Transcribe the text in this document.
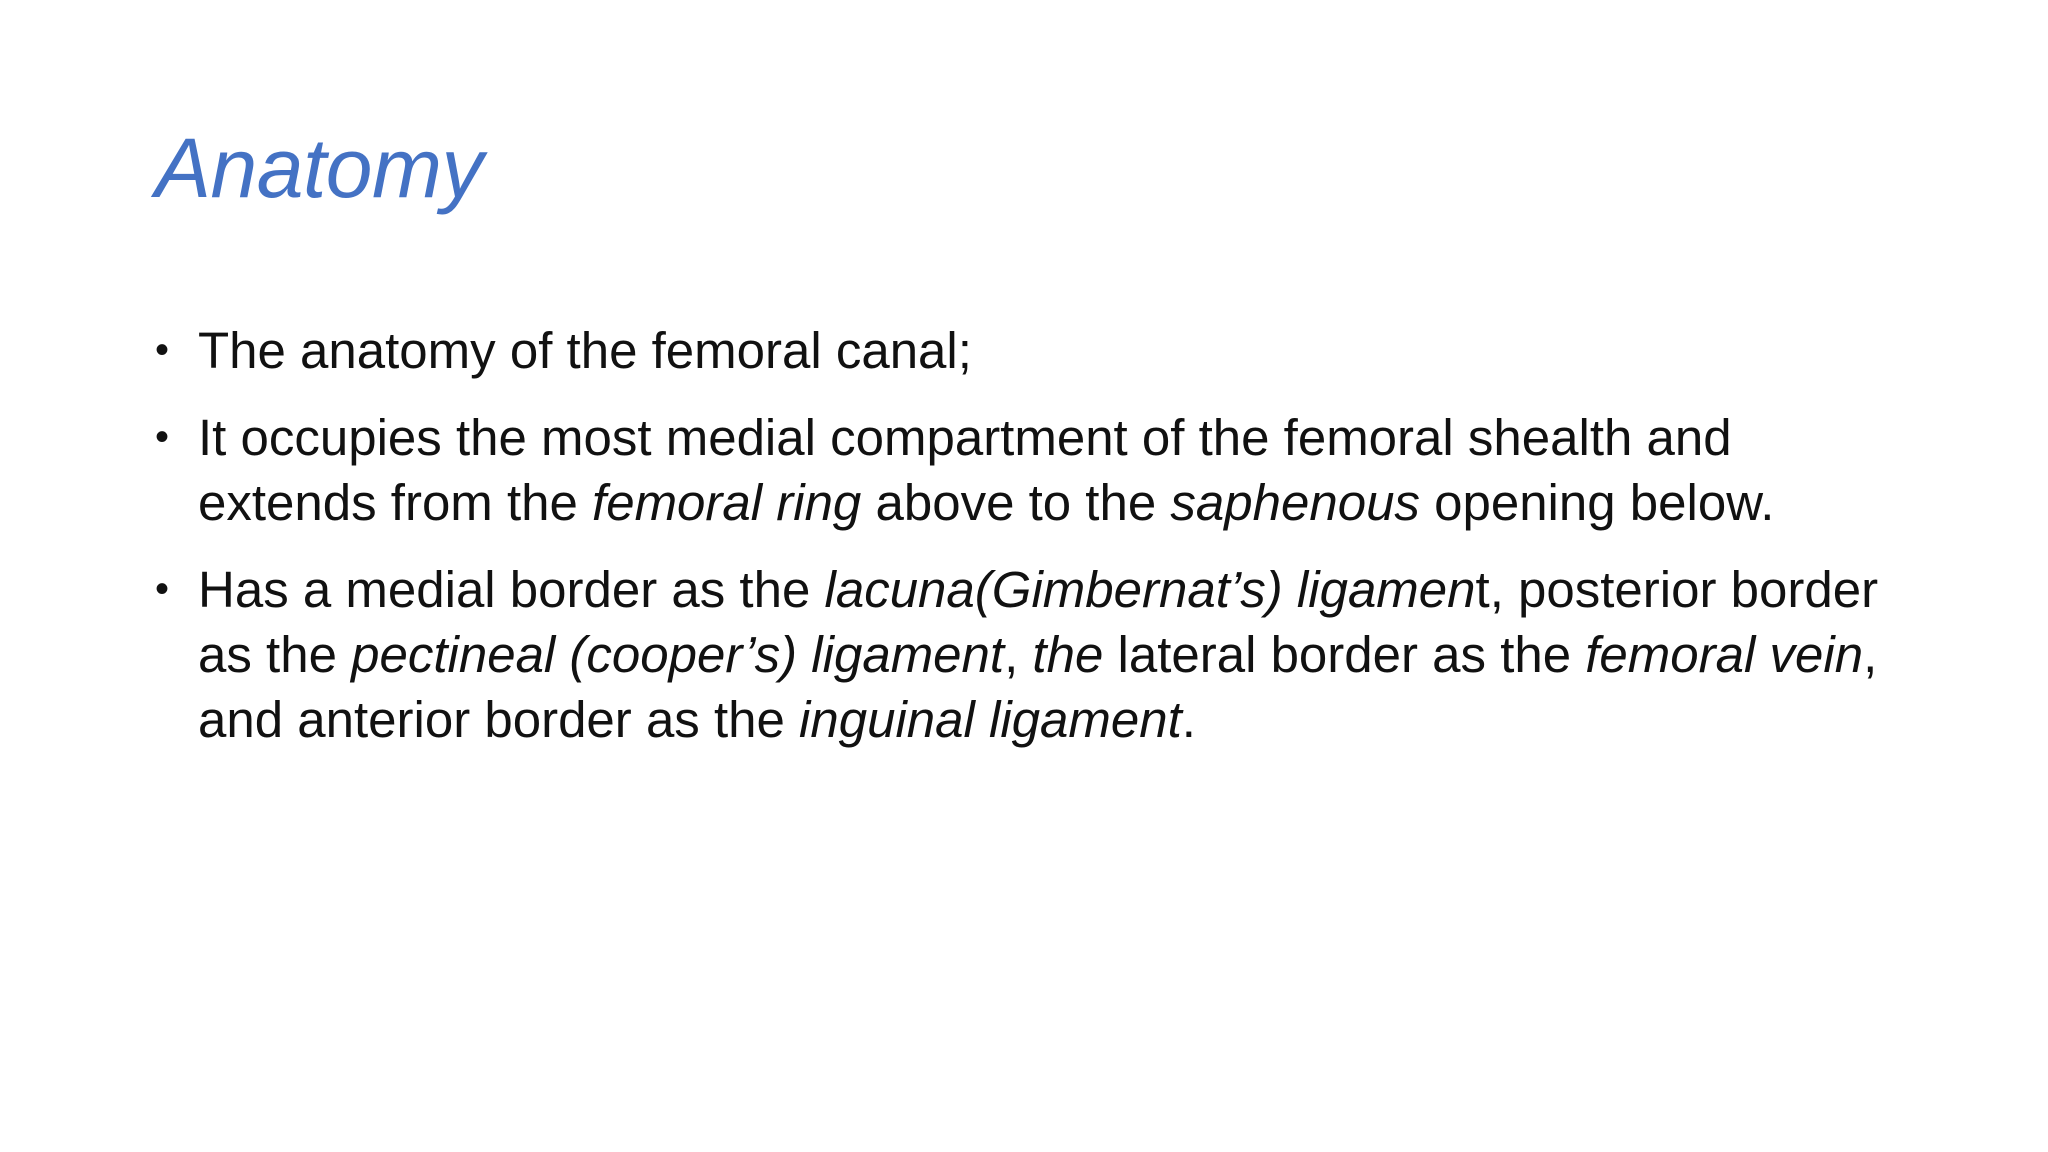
Anatomy
• The anatomy of the femoral canal;
• It occupies the most medial compartment of the femoral shealth and extends from the femoral ring above to the saphenous opening below.
• Has a medial border as the lacuna(Gimbernat’s) ligament, posterior border as the pectineal (cooper’s) ligament, the lateral border as the femoral vein, and anterior border as the inguinal ligament.
